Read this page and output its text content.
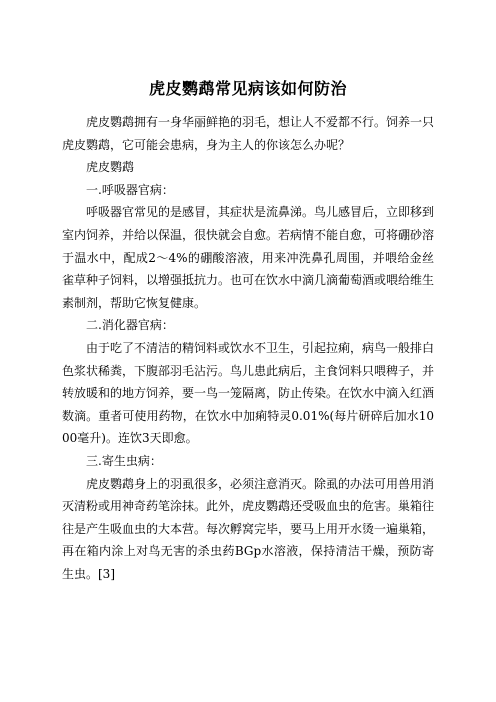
虎皮鹦鹉常见病该如何防治

虎皮鹦鹉拥有一身华丽鲜艳的羽毛，想让人不爱都不行。饲养一只虎皮鹦鹉，它可能会患病，身为主人的你该怎么办呢？

虎皮鹦鹉

一.呼吸器官病：

呼吸器官常见的是感冒，其症状是流鼻涕。鸟儿感冒后，立即移到室内饲养，并给以保温，很快就会自愈。若病情不能自愈，可将硼砂溶于温水中，配成2～4%的硼酸溶液，用来冲洗鼻孔周围，并喂给金丝雀草种子饲料，以增强抵抗力。也可在饮水中滴几滴葡萄酒或喂给维生素制剂，帮助它恢复健康。

二.消化器官病：

由于吃了不清洁的精饲料或饮水不卫生，引起拉痢，病鸟一般排白色浆状稀粪，下腹部羽毛沾污。鸟儿患此病后，主食饲料只喂稗子，并转放暖和的地方饲养，要一鸟一笼隔离，防止传染。在饮水中滴入红酒数滴。重者可使用药物，在饮水中加痢特灵0.01%(每片研碎后加水1000毫升)。连饮3天即愈。

三.寄生虫病：

虎皮鹦鹉身上的羽虱很多，必须注意消灭。除虱的办法可用兽用消灭清粉或用神奇药笔涂抹。此外，虎皮鹦鹉还受吸血虫的危害。巢箱往往是产生吸血虫的大本营。每次孵窝完毕，要马上用开水烫一遍巢箱，再在箱内涂上对鸟无害的杀虫药BGp水溶液，保持清洁干燥，预防寄生虫。[3]
